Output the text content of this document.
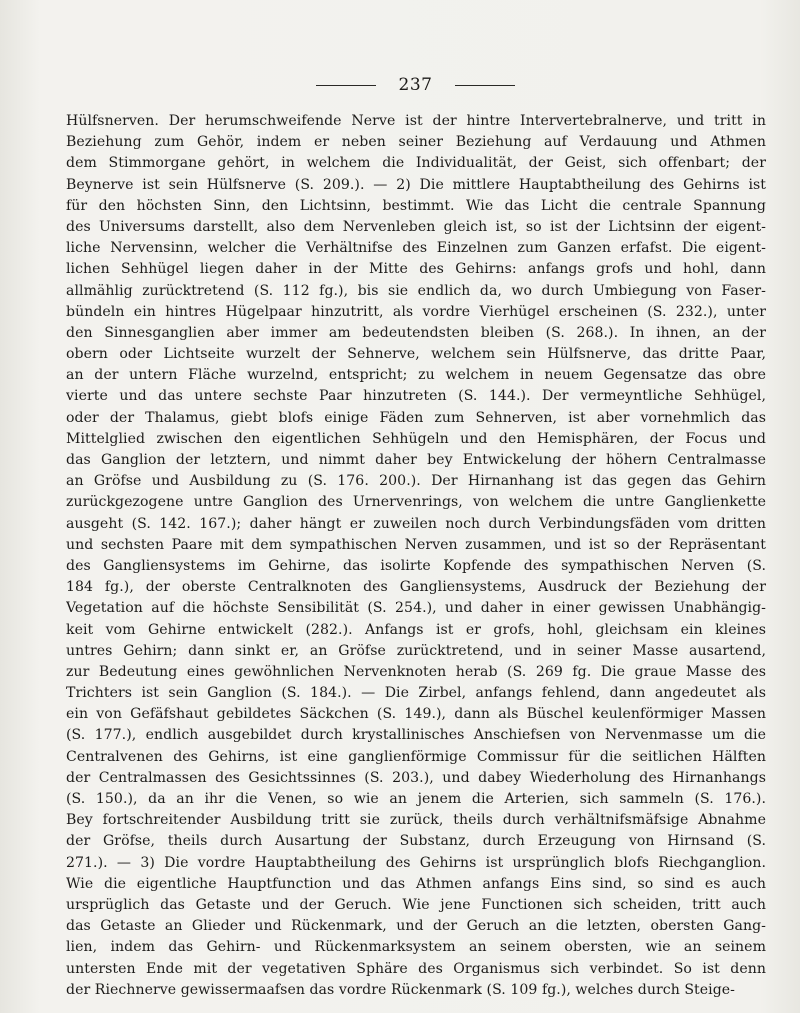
237
Hülfsnerven. Der herumschweifende Nerve ist der hintre Intervertebralnerve, und tritt in
Beziehung zum Gehör, indem er neben seiner Beziehung auf Verdauung und Athmen
dem Stimmorgane gehört, in welchem die Individualität, der Geist, sich offenbart; der
Beynerve ist sein Hülfsnerve (S. 209.). — 2) Die mittlere Hauptabtheilung des Gehirns ist
für den höchsten Sinn, den Lichtsinn, bestimmt. Wie das Licht die centrale Spannung
des Universums darstellt, also dem Nervenleben gleich ist, so ist der Lichtsinn der eigent-
liche Nervensinn, welcher die Verhältnifse des Einzelnen zum Ganzen erfafst. Die eigent-
lichen Sehhügel liegen daher in der Mitte des Gehirns: anfangs grofs und hohl, dann
allmählig zurücktretend (S. 112 fg.), bis sie endlich da, wo durch Umbiegung von Faser-
bündeln ein hintres Hügelpaar hinzutritt, als vordre Vierhügel erscheinen (S. 232.), unter
den Sinnesganglien aber immer am bedeutendsten bleiben (S. 268.). In ihnen, an der
obern oder Lichtseite wurzelt der Sehnerve, welchem sein Hülfsnerve, das dritte Paar,
an der untern Fläche wurzelnd, entspricht; zu welchem in neuem Gegensatze das obre
vierte und das untere sechste Paar hinzutreten (S. 144.). Der vermeyntliche Sehhügel,
oder der Thalamus, giebt blofs einige Fäden zum Sehnerven, ist aber vornehmlich das
Mittelglied zwischen den eigentlichen Sehhügeln und den Hemisphären, der Focus und
das Ganglion der letztern, und nimmt daher bey Entwickelung der höhern Centralmasse
an Gröfse und Ausbildung zu (S. 176. 200.). Der Hirnanhang ist das gegen das Gehirn
zurückgezogene untre Ganglion des Urnervenrings, von welchem die untre Ganglienkette
ausgeht (S. 142. 167.); daher hängt er zuweilen noch durch Verbindungsfäden vom dritten
und sechsten Paare mit dem sympathischen Nerven zusammen, und ist so der Repräsentant
des Gangliensystems im Gehirne, das isolirte Kopfende des sympathischen Nerven (S.
184 fg.), der oberste Centralknoten des Gangliensystems, Ausdruck der Beziehung der
Vegetation auf die höchste Sensibilität (S. 254.), und daher in einer gewissen Unabhängig-
keit vom Gehirne entwickelt (282.). Anfangs ist er grofs, hohl, gleichsam ein kleines
untres Gehirn; dann sinkt er, an Gröfse zurücktretend, und in seiner Masse ausartend,
zur Bedeutung eines gewöhnlichen Nervenknoten herab (S. 269 fg. Die graue Masse des
Trichters ist sein Ganglion (S. 184.). — Die Zirbel, anfangs fehlend, dann angedeutet als
ein von Gefäfshaut gebildetes Säckchen (S. 149.), dann als Büschel keulenförmiger Massen
(S. 177.), endlich ausgebildet durch krystallinisches Anschiefsen von Nervenmasse um die
Centralvenen des Gehirns, ist eine ganglienförmige Commissur für die seitlichen Hälften
der Centralmassen des Gesichtssinnes (S. 203.), und dabey Wiederholung des Hirnanhangs
(S. 150.), da an ihr die Venen, so wie an jenem die Arterien, sich sammeln (S. 176.).
Bey fortschreitender Ausbildung tritt sie zurück, theils durch verhältnifsmäfsige Abnahme
der Gröfse, theils durch Ausartung der Substanz, durch Erzeugung von Hirnsand (S.
271.). — 3) Die vordre Hauptabtheilung des Gehirns ist ursprünglich blofs Riechganglion.
Wie die eigentliche Hauptfunction und das Athmen anfangs Eins sind, so sind es auch
ursprüglich das Getaste und der Geruch. Wie jene Functionen sich scheiden, tritt auch
das Getaste an Glieder und Rückenmark, und der Geruch an die letzten, obersten Gang-
lien, indem das Gehirn- und Rückenmarksystem an seinem obersten, wie an seinem
untersten Ende mit der vegetativen Sphäre des Organismus sich verbindet. So ist denn
der Riechnerve gewissermaafsen das vordre Rückenmark (S. 109 fg.), welches durch Steige-
